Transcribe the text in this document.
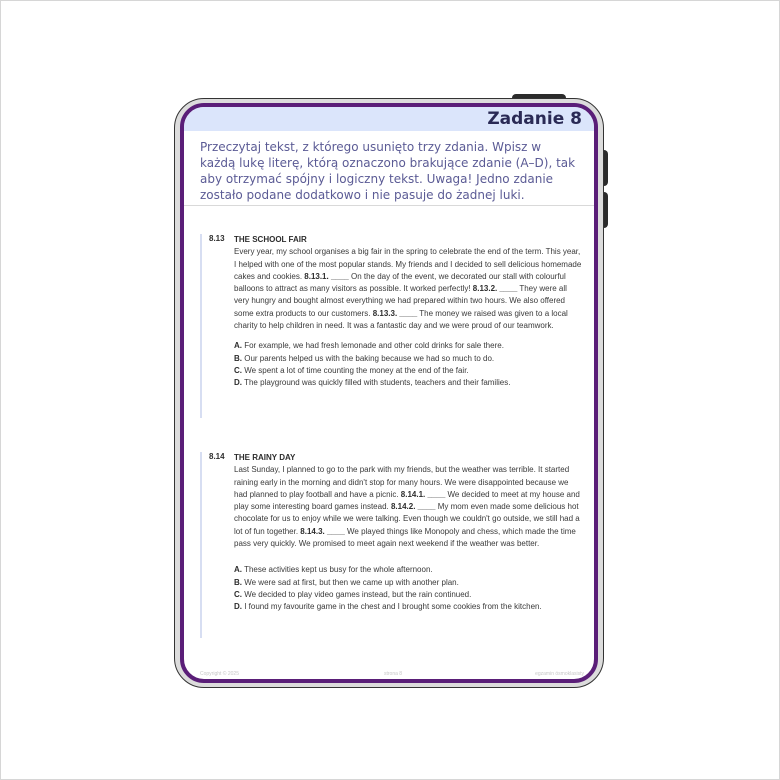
Zadanie 8

Przeczytaj tekst, z którego usunięto trzy zdania. Wpisz w każdą lukę literę, którą oznaczono brakujące zdanie (A–D), tak aby otrzymać spójny i logiczny tekst. Uwaga! Jedno zdanie zostało podane dodatkowo i nie pasuje do żadnej luki.

8.13 THE SCHOOL FAIR

Every year, my school organises a big fair in the spring to celebrate the end of the term. This year, I helped with one of the most popular stands. My friends and I decided to sell delicious homemade cakes and cookies. 8.13.1. ____ On the day of the event, we decorated our stall with colourful balloons to attract as many visitors as possible. It worked perfectly! 8.13.2. ____ They were all very hungry and bought almost everything we had prepared within two hours. We also offered some extra products to our customers. 8.13.3. ____ The money we raised was given to a local charity to help children in need. It was a fantastic day and we were proud of our teamwork.

A. For example, we had fresh lemonade and other cold drinks for sale there.
B. Our parents helped us with the baking because we had so much to do.
C. We spent a lot of time counting the money at the end of the fair.
D. The playground was quickly filled with students, teachers and their families.
8.14 THE RAINY DAY

Last Sunday, I planned to go to the park with my friends, but the weather was terrible. It started raining early in the morning and didn't stop for many hours. We were disappointed because we had planned to play football and have a picnic. 8.14.1. ____ We decided to meet at my house and play some interesting board games instead. 8.14.2. ____ My mom even made some delicious hot chocolate for us to enjoy while we were talking. Even though we couldn't go outside, we still had a lot of fun together. 8.14.3. ____ We played things like Monopoly and chess, which made the time pass very quickly. We promised to meet again next weekend if the weather was better.

A. These activities kept us busy for the whole afternoon.
B. We were sad at first, but then we came up with another plan.
C. We decided to play video games instead, but the rain continued.
D. I found my favourite game in the chest and I brought some cookies from the kitchen.
Copyright © 2025	strona 8	egzamin ósmoklasisty
